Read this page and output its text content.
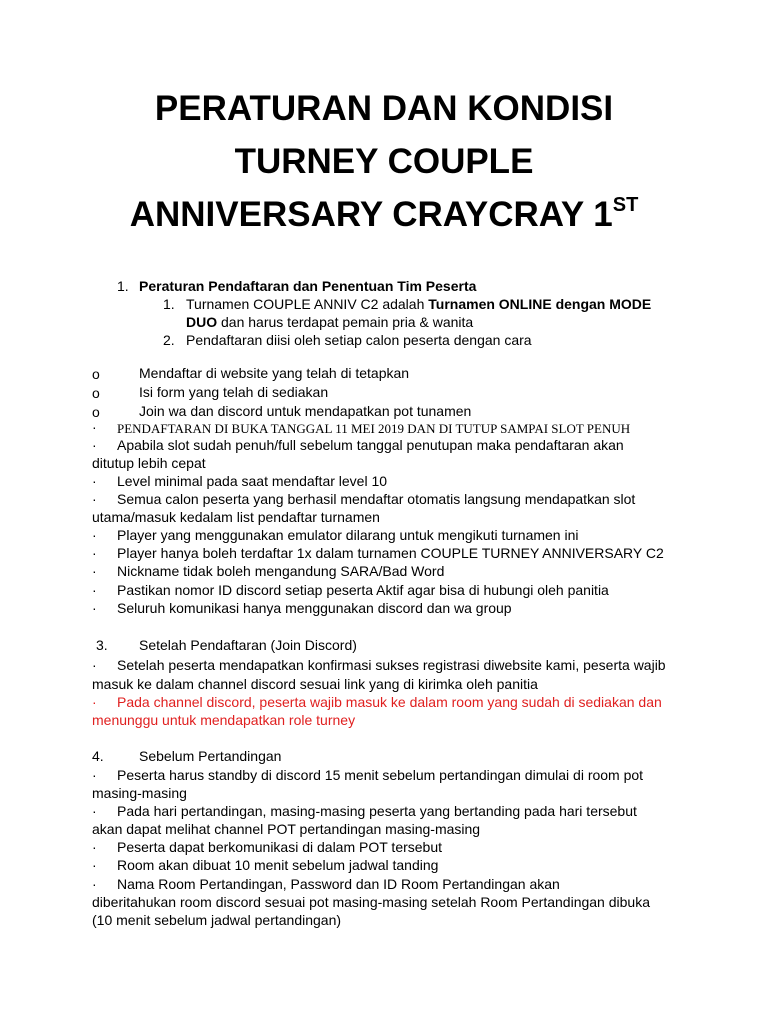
PERATURAN DAN KONDISI
TURNEY COUPLE
ANNIVERSARY CRAYCRAY 1ST
1. Peraturan Pendaftaran dan Penentuan Tim Peserta
1. Turnamen COUPLE ANNIV C2 adalah Turnamen ONLINE dengan MODE
DUO dan harus terdapat pemain pria & wanita
2. Pendaftaran diisi oleh setiap calon peserta dengan cara
o	Mendaftar di website yang telah di tetapkan
o	Isi form yang telah di sediakan
o	Join wa dan discord untuk mendapatkan pot tunamen
· PENDAFTARAN DI BUKA TANGGAL 11 MEI 2019 DAN DI TUTUP SAMPAI SLOT PENUH
· Apabila slot sudah penuh/full sebelum tanggal penutupan maka pendaftaran akan
ditutup lebih cepat
· Level minimal pada saat mendaftar level 10
· Semua calon peserta yang berhasil mendaftar otomatis langsung mendapatkan slot
utama/masuk kedalam list pendaftar turnamen
· Player yang menggunakan emulator dilarang untuk mengikuti turnamen ini
· Player hanya boleh terdaftar 1x dalam turnamen COUPLE TURNEY ANNIVERSARY C2
· Nickname tidak boleh mengandung SARA/Bad Word
· Pastikan nomor ID discord setiap peserta Aktif agar bisa di hubungi oleh panitia
· Seluruh komunikasi hanya menggunakan discord dan wa group
3. Setelah Pendaftaran (Join Discord)
· Setelah peserta mendapatkan konfirmasi sukses registrasi diwebsite kami, peserta wajib
masuk ke dalam channel discord sesuai link yang di kirimka oleh panitia
· Pada channel discord, peserta wajib masuk ke dalam room yang sudah di sediakan dan
menunggu untuk mendapatkan role turney
4.	Sebelum Pertandingan
· Peserta harus standby di discord 15 menit sebelum pertandingan dimulai di room pot
masing-masing
· Pada hari pertandingan, masing-masing peserta yang bertanding pada hari tersebut
akan dapat melihat channel POT pertandingan masing-masing
· Peserta dapat berkomunikasi di dalam POT tersebut
· Room akan dibuat 10 menit sebelum jadwal tanding
· Nama Room Pertandingan, Password dan ID Room Pertandingan akan
diberitahukan room discord sesuai pot masing-masing setelah Room Pertandingan dibuka
(10 menit sebelum jadwal pertandingan)
